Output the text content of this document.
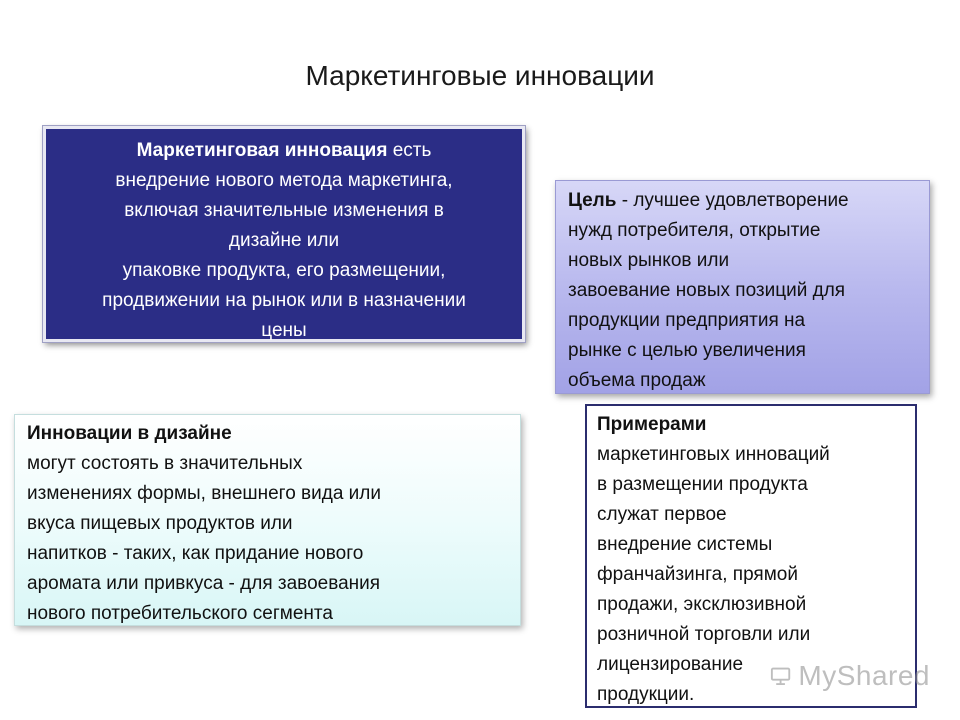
Маркетинговые инновации
Маркетинговая инновация есть
внедрение нового метода маркетинга,
включая значительные изменения в
дизайне или
упаковке продукта, его размещении,
продвижении на рынок или в назначении
цены
Цель - лучшее удовлетворение
нужд потребителя, открытие
новых рынков или
завоевание новых позиций для
продукции предприятия на
рынке с целью увеличения
объема продаж
Инновации в дизайне
могут состоять в значительных
изменениях формы, внешнего вида или
вкуса пищевых продуктов или
напитков - таких, как придание нового
аромата или привкуса - для завоевания
нового потребительского сегмента
Примерами
маркетинговых инноваций
в размещении продукта
служат первое
внедрение системы
франчайзинга, прямой
продажи, эксклюзивной
розничной торговли или
лицензирование
продукции.
MyShared
